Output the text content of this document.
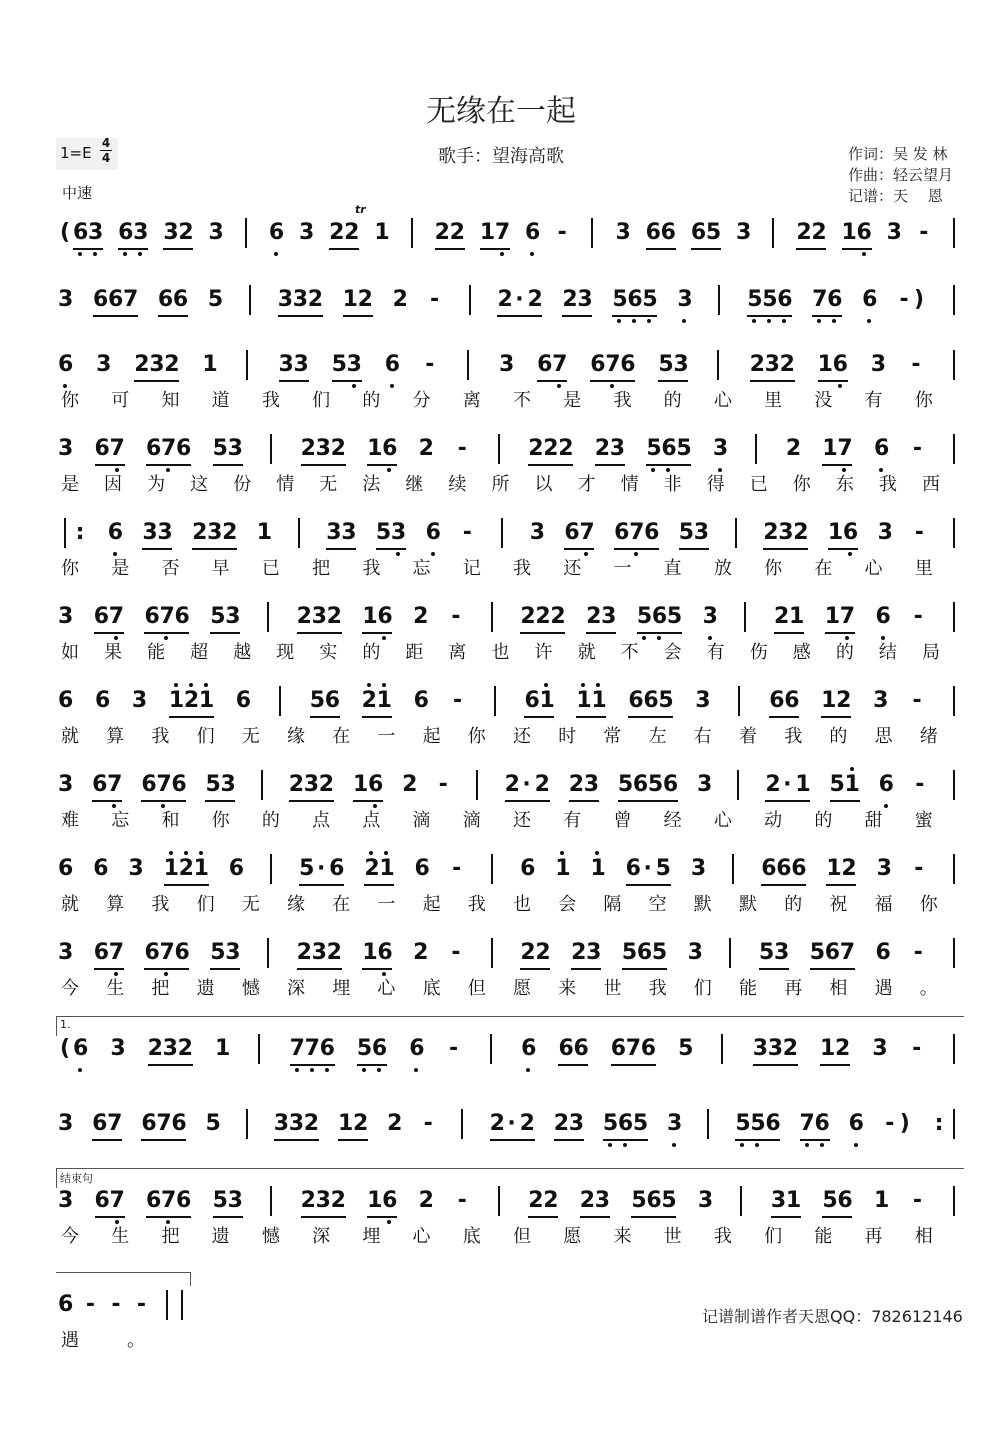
无缘在一起
歌手：望海高歌	作词：吴 发 林
作曲：轻云望月
记谱：天　 恩
$1=E \frac{4}{4}$
中速
( 6 3 6 3 3 2 3 6 3 2 2 1 2 2 1 7 6 - 3 6 6 6 5 3 2 2 1 6 3 -
3 6 6 7 6 6 5 3 3 2 1 2 2 -	2 · 2 2 3 5 6 5 3 5 5 6 7 6 6 - )
6 3 2 3 2 1	3 3 5 3 6 -	3 6 7 6 7 6 5 3	2 3 2 1 6 3 -
你 可 知 道 我 们 的 分 离 不 是 我 的 心 里 没 有 你
3 6 7 6 7 6 5 3	2 3 2 1 6 2 -	2 2 2 2 3 5 6 5 3	2 1 7 6 -
是 因 为 这 份 情 无 法 继 续 所 以 才 情 非 得 已 你 东 我 西
: 6 3 3 2 3 2 1 3 3 5 3 6 -	3 6 7 6 7 6 5 3 2 3 2 1 6 3 -
你 是 否 早 已 把 我 忘 记 我 还 一 直 放 你 在 心 里
3 6 7 6 7 6 5 3	2 3 2 1 6 2 -	2 2 2 2 3 5 6 5 3	2 1 1 7 6 -
如 果 能 超 越 现 实 的 距 离 也 许 就 不 会 有 伤 感 的 结 局
6 6 3 1 2 1 6	5 6 2 1 6 -	6 1 1 1 6 6 5 3	6 6 1 2 3 -
就 算 我 们 无 缘 在 一 起 你 还 时 常 左 右 着 我 的 思 绪
3 6 7 6 7 6 5 3 2 3 2 1 6 2 -	2 · 2 2 3 5 6 5 6 3 2 · 1 5 1 6 -
难 忘 和 你 的 点 点 滴 滴 还 有 曾 经 心 动 的 甜 蜜
6 6 3 1 2 1 6	5 · 6 2 1 6 -	6 1 1 6 · 5 3	6 6 6 1 2 3 -
就 算 我 们 无 缘 在 一 起 我 也 会 隔 空 默 默 的 祝 福 你
3 6 7 6 7 6 5 3	2 3 2 1 6 2 -	2 2 2 3 5 6 5 3	5 3 5 6 7 6 -
今 生 把 遗 憾 深 埋 心 底 但 愿 来 世 我 们 能 再 相 遇 。
( 6 3 2 3 2 1	7 7 6 5 6 6 -	6 6 6 6 7 6 5	3 3 2 1 2 3 -
3 6 7 6 7 6 5 3 3 2 1 2 2 -	2 · 2 2 3 5 6 5 3 5 5 6 7 6 6 - ) :
3 6 7 6 7 6 5 3	2 3 2 1 6 2 -	2 2 2 3 5 6 5 3	3 1 5 6 1 -
今 生 把 遗 憾 深 埋 心 底 但 愿 来 世 我 们 能 再 相
6 - - -
遇	。
1.
结束句
tr
记谱制谱作者天恩QQ：782612146
